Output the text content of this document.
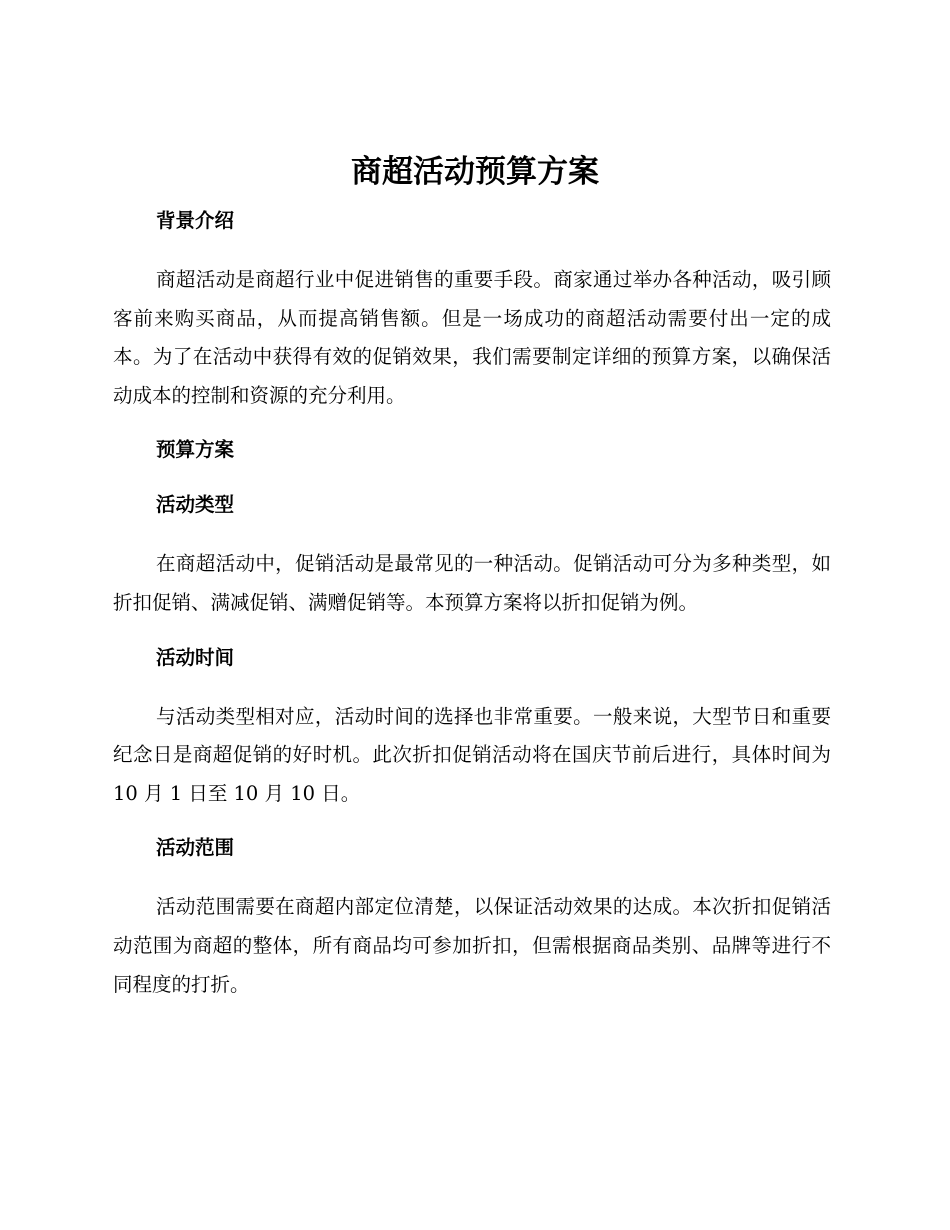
商超活动预算方案
背景介绍

商超活动是商超行业中促进销售的重要手段。商家通过举办各种活动，吸引顾客前来购买商品，从而提高销售额。但是一场成功的商超活动需要付出一定的成本。为了在活动中获得有效的促销效果，我们需要制定详细的预算方案，以确保活动成本的控制和资源的充分利用。

预算方案
活动类型

在商超活动中，促销活动是最常见的一种活动。促销活动可分为多种类型，如折扣促销、满减促销、满赠促销等。本预算方案将以折扣促销为例。

活动时间

与活动类型相对应，活动时间的选择也非常重要。一般来说，大型节日和重要纪念日是商超促销的好时机。此次折扣促销活动将在国庆节前后进行，具体时间为 10 月 1 日至 10 月 10 日。

活动范围

活动范围需要在商超内部定位清楚，以保证活动效果的达成。本次折扣促销活动范围为商超的整体，所有商品均可参加折扣，但需根据商品类别、品牌等进行不同程度的打折。
